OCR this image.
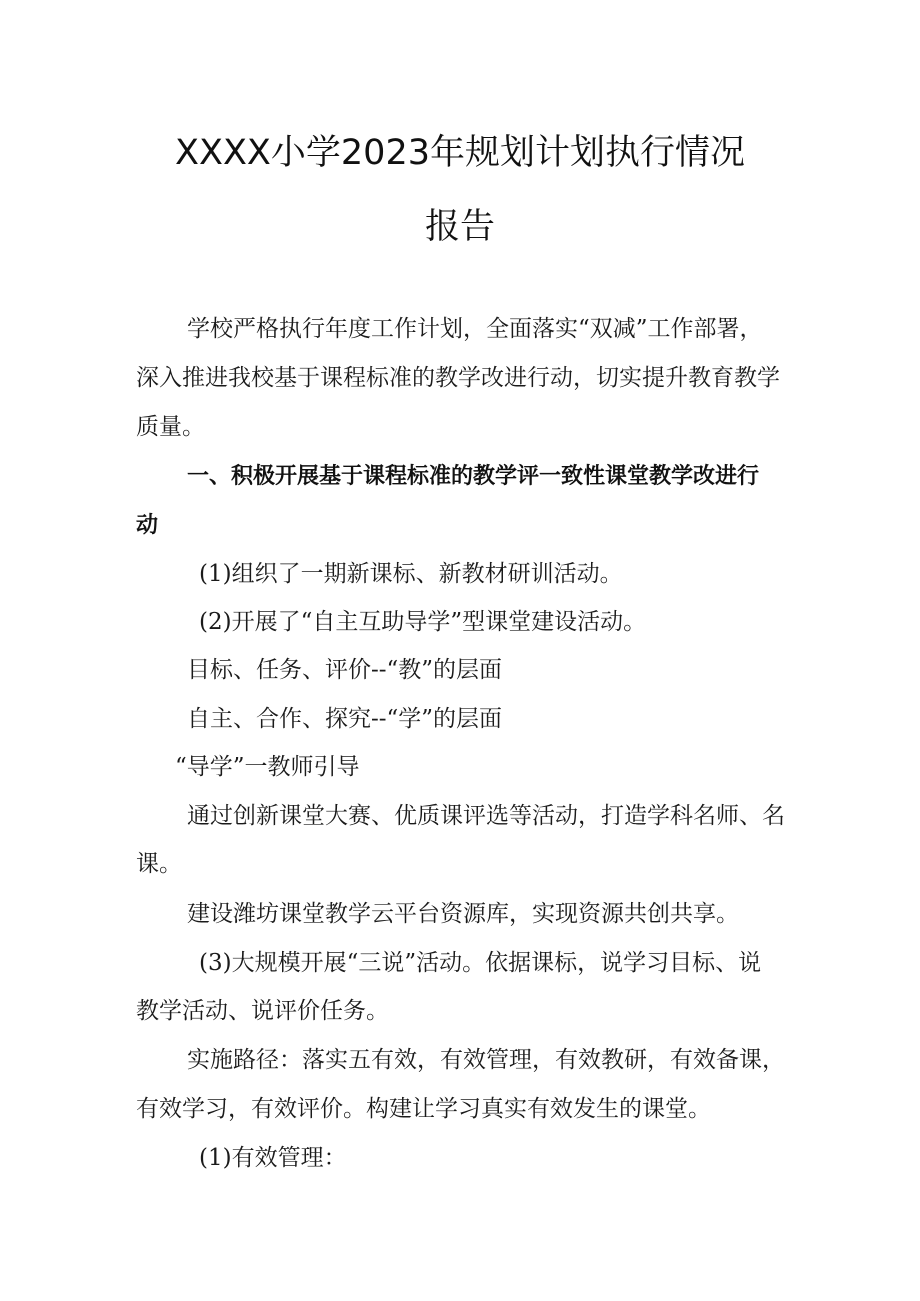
XXXX小学2023年规划计划执行情况
报告
学校严格执行年度工作计划，全面落实“双减”工作部署，
深入推进我校基于课程标准的教学改进行动，切实提升教育教学
质量。
一、积极开展基于课程标准的教学评一致性课堂教学改进行
动
(1)组织了一期新课标、新教材研训活动。
(2)开展了“自主互助导学”型课堂建设活动。
目标、任务、评价--“教”的层面
自主、合作、探究--“学”的层面
“导学”一教师引导
通过创新课堂大赛、优质课评选等活动，打造学科名师、名
课。
建设潍坊课堂教学云平台资源库，实现资源共创共享。
(3)大规模开展“三说”活动。依据课标，说学习目标、说
教学活动、说评价任务。
实施路径：落实五有效，有效管理，有效教研，有效备课，
有效学习，有效评价。构建让学习真实有效发生的课堂。
(1)有效管理：
